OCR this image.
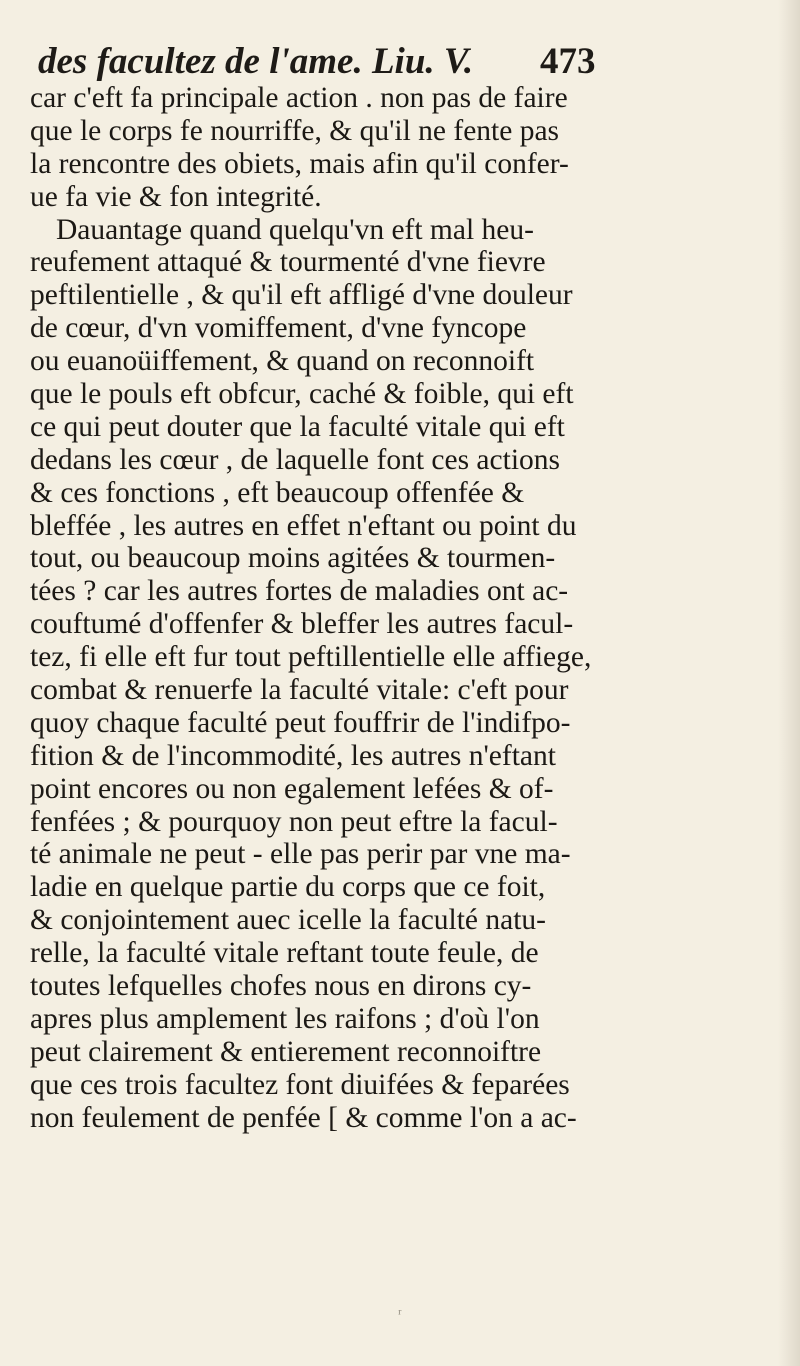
des facultez de l'ame. Liu. V. 473
car c'eft fa principale action . non pas de faire
que le corps fe nourriffe, & qu'il ne fente pas
la rencontre des obiets, mais afin qu'il confer-
ue fa vie & fon integrité.
Dauantage quand quelqu'vn eft mal heu-
reufement attaqué & tourmenté d'vne fievre
peftilentielle , & qu'il eft affligé d'vne douleur
de cœur, d'vn vomiffement, d'vne fyncope
ou euanoüiffement, & quand on reconnoift
que le pouls eft obfcur, caché & foible, qui eft
ce qui peut douter que la faculté vitale qui eft
dedans les cœur , de laquelle font ces actions
& ces fonctions , eft beaucoup offenfée &
bleffée , les autres en effet n'eftant ou point du
tout, ou beaucoup moins agitées & tourmen-
tées ? car les autres fortes de maladies ont ac-
couftumé d'offenfer & bleffer les autres facul-
tez, fi elle eft fur tout peftillentielle elle affiege,
combat & renuerfe la faculté vitale: c'eft pour
quoy chaque faculté peut fouffrir de l'indifpo-
fition & de l'incommodité, les autres n'eftant
point encores ou non egalement lefées & of-
fenfées ; & pourquoy non peut eftre la facul-
té animale ne peut - elle pas perir par vne ma-
ladie en quelque partie du corps que ce foit,
& conjointement auec icelle la faculté natu-
relle, la faculté vitale reftant toute feule, de
toutes lefquelles chofes nous en dirons cy-
apres plus amplement les raifons ; d'où l'on
peut clairement & entierement reconnoiftre
que ces trois facultez font diuifées & feparées
non feulement de penfée [ & comme l'on a ac-
ᵣ
